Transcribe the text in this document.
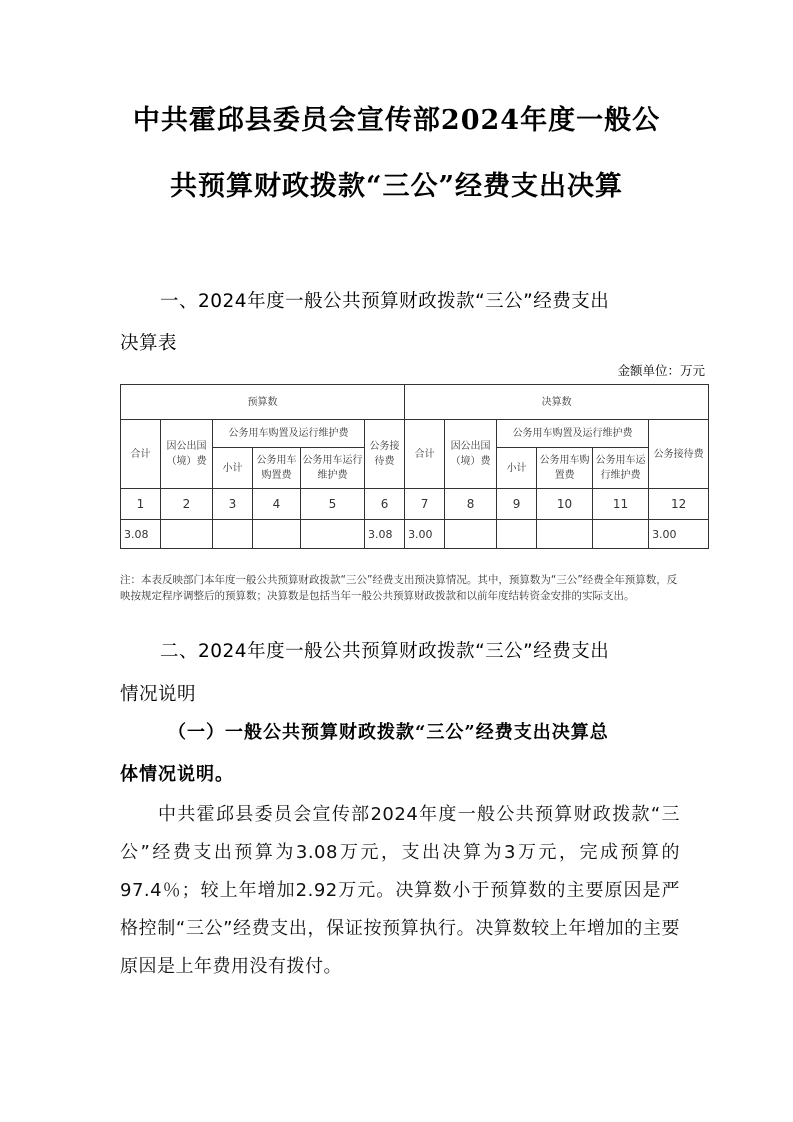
中共霍邱县委员会宣传部2024年度一般公
共预算财政拨款“三公”经费支出决算
一、2024年度一般公共预算财政拨款“三公”经费支出
决算表
金额单位：万元
预算数						决算数					
合计	因公出国（境）费	公务用车购置及运行维护费			公务接待费	合计	因公出国（境）费	公务用车购置及运行维护费			公务接待费
		小计	公务用车购置费	公务用车运行维护费				小计	公务用车购置费	公务用车运行维护费	
1	2	3	4	5	6	7	8	9	10	11	12
3.08					3.08	3.00					3.00
注：本表反映部门本年度一般公共预算财政拨款“三公”经费支出预决算情况。其中，预算数为“三公”经费全年预算数，反映按规定程序调整后的预算数；决算数是包括当年一般公共预算财政拨款和以前年度结转资金安排的实际支出。
二、2024年度一般公共预算财政拨款“三公”经费支出
情况说明
（一）一般公共预算财政拨款“三公”经费支出决算总
体情况说明。
中共霍邱县委员会宣传部2024年度一般公共预算财政拨款“三公”经费支出预算为3.08万元，支出决算为3万元，完成预算的97.4％；较上年增加2.92万元。决算数小于预算数的主要原因是严格控制“三公”经费支出，保证按预算执行。决算数较上年增加的主要原因是上年费用没有拨付。
